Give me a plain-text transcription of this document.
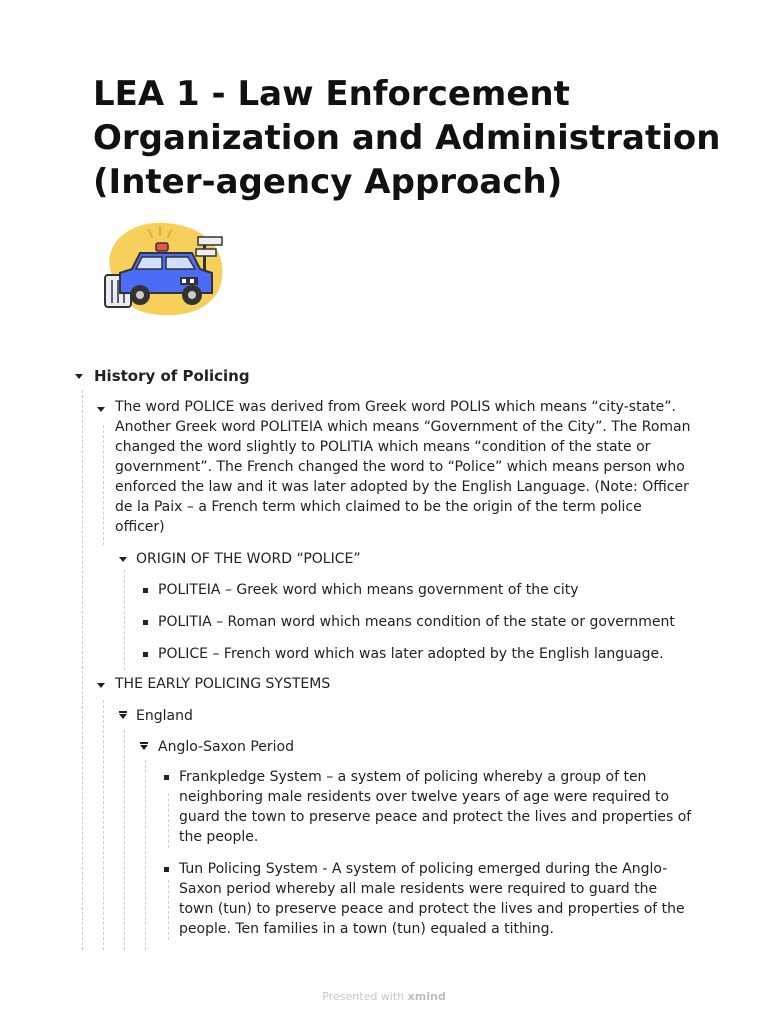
LEA 1 - Law Enforcement
Organization and Administration
(Inter-agency Approach)
History of Policing
The word POLICE was derived from Greek word POLIS which means “city-state”.
Another Greek word POLITEIA which means “Government of the City”. The Roman
changed the word slightly to POLITIA which means “condition of the state or
government”. The French changed the word to “Police” which means person who
enforced the law and it was later adopted by the English Language. (Note: Officer
de la Paix – a French term which claimed to be the origin of the term police
officer)
ORIGIN OF THE WORD “POLICE”
POLITEIA – Greek word which means government of the city
POLITIA – Roman word which means condition of the state or government
POLICE – French word which was later adopted by the English language.
THE EARLY POLICING SYSTEMS
England
Anglo-Saxon Period
Frankpledge System – a system of policing whereby a group of ten
neighboring male residents over twelve years of age were required to
guard the town to preserve peace and protect the lives and properties of
the people.
Tun Policing System - A system of policing emerged during the Anglo-
Saxon period whereby all male residents were required to guard the
town (tun) to preserve peace and protect the lives and properties of the
people. Ten families in a town (tun) equaled a tithing.
Presented with xmind
